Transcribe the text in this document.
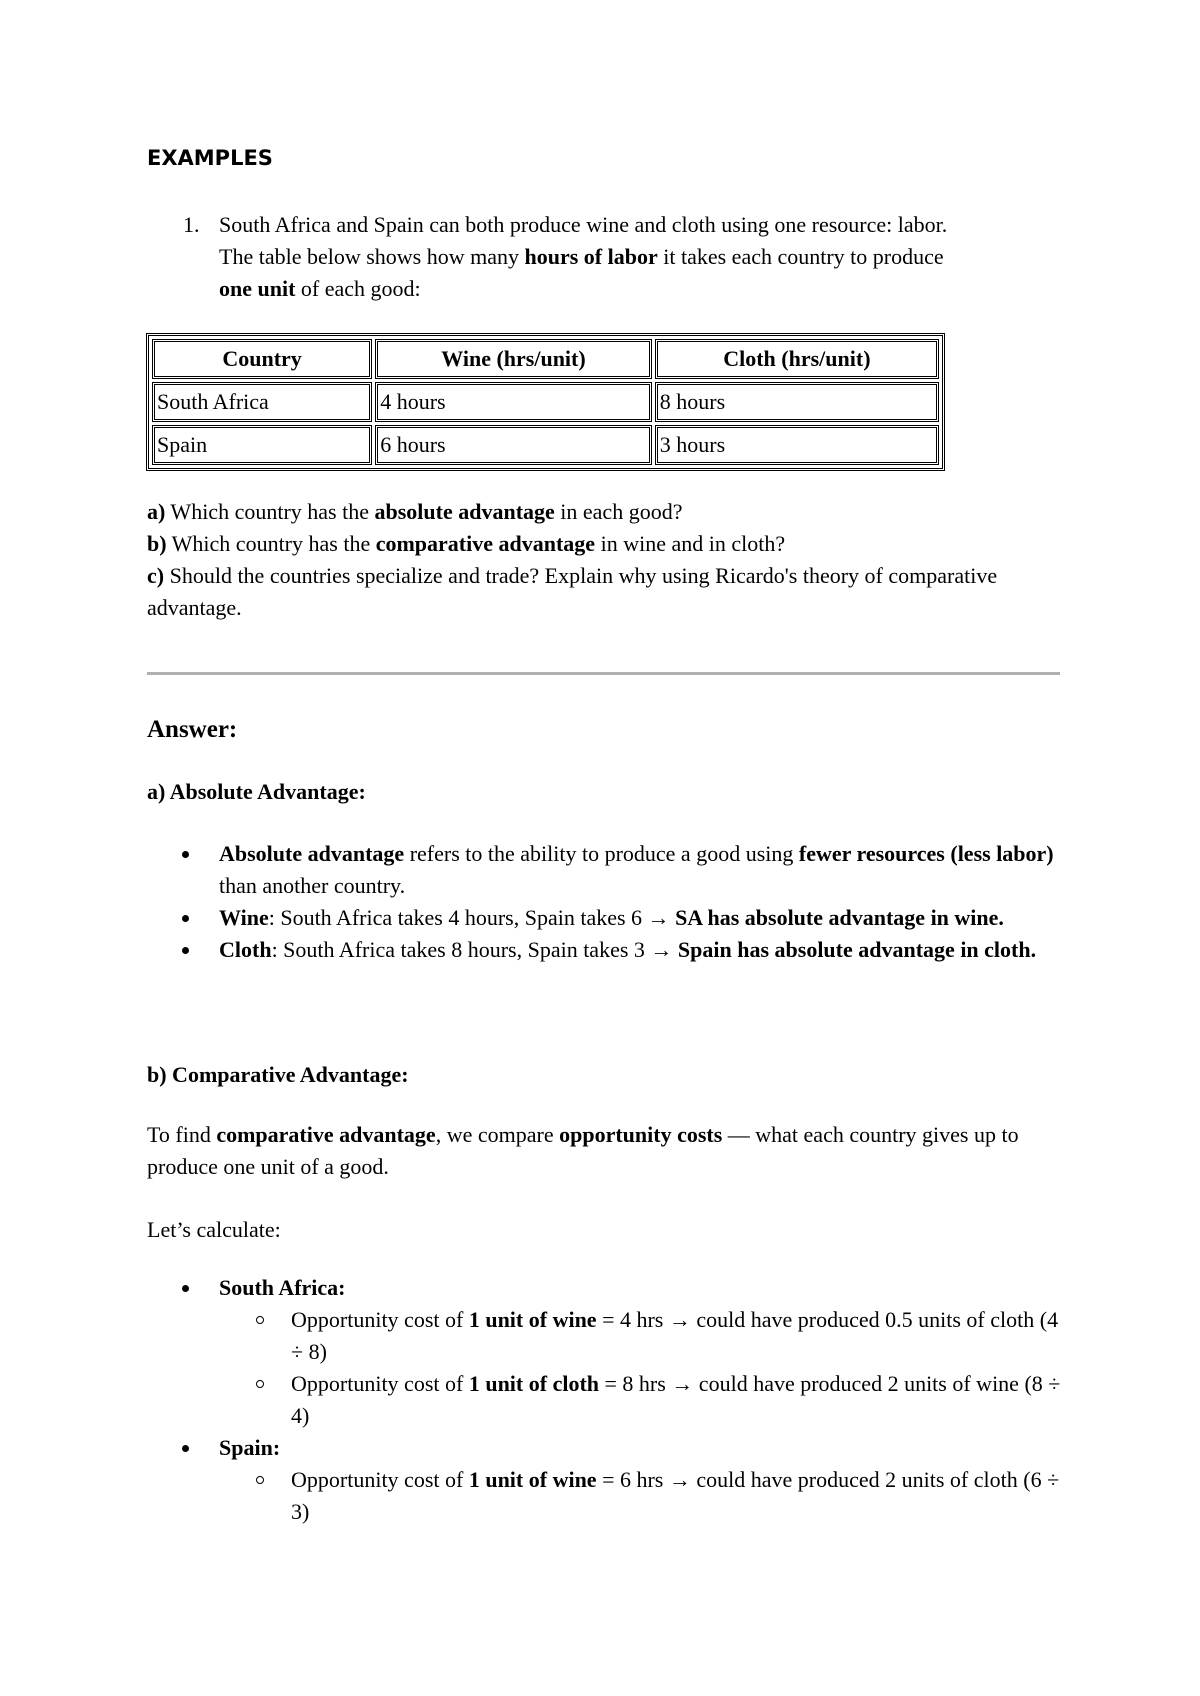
EXAMPLES
1. South Africa and Spain can both produce wine and cloth using one resource: labor.
The table below shows how many hours of labor it takes each country to produce
one unit of each good:
Country	Wine (hrs/unit)	Cloth (hrs/unit)
South Africa	4 hours	8 hours
Spain	6 hours	3 hours

a) Which country has the absolute advantage in each good?

b) Which country has the comparative advantage in wine and in cloth?

c) Should the countries specialize and trade? Explain why using Ricardo's theory of comparative advantage.

Answer:
a) Absolute Advantage:
Absolute advantage refers to the ability to produce a good using fewer resources (less labor) than another country.
Wine: South Africa takes 4 hours, Spain takes 6 → SA has absolute advantage in wine.
Cloth: South Africa takes 8 hours, Spain takes 3 → Spain has absolute advantage in cloth.
b) Comparative Advantage:

To find comparative advantage, we compare opportunity costs — what each country gives up to produce one unit of a good.

Let’s calculate:

South Africa:
Opportunity cost of 1 unit of wine = 4 hrs → could have produced 0.5 units of cloth (4 ÷ 8)
Opportunity cost of 1 unit of cloth = 8 hrs → could have produced 2 units of wine (8 ÷ 4)
Spain:
Opportunity cost of 1 unit of wine = 6 hrs → could have produced 2 units of cloth (6 ÷ 3)
